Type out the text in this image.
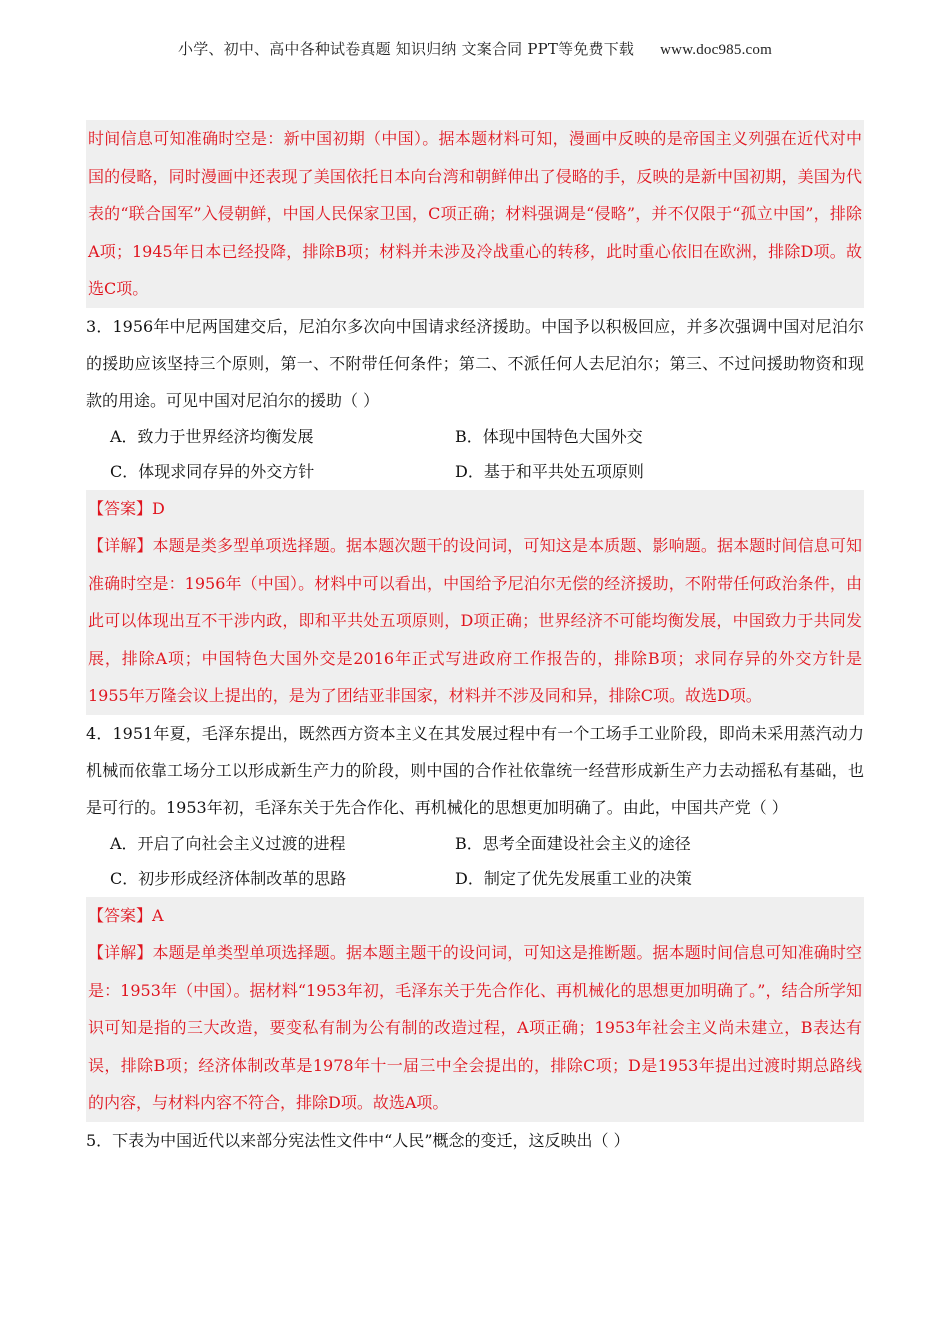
小学、初中、高中各种试卷真题 知识归纳 文案合同 PPT等免费下载 www.doc985.com

时间信息可知准确时空是：新中国初期（中国）。据本题材料可知，漫画中反映的是帝国主义列强在近代对中国的侵略，同时漫画中还表现了美国依托日本向台湾和朝鲜伸出了侵略的手，反映的是新中国初期，美国为代表的“联合国军”入侵朝鲜，中国人民保家卫国，C项正确；材料强调是“侵略”，并不仅限于“孤立中国”，排除A项；1945年日本已经投降，排除B项；材料并未涉及冷战重心的转移，此时重心依旧在欧洲，排除D项。故选C项。

3．1956年中尼两国建交后，尼泊尔多次向中国请求经济援助。中国予以积极回应，并多次强调中国对尼泊尔的援助应该坚持三个原则，第一、不附带任何条件；第二、不派任何人去尼泊尔；第三、不过问援助物资和现款的用途。可见中国对尼泊尔的援助（ ）

A．致力于世界经济均衡发展	B．体现中国特色大国外交
C．体现求同存异的外交方针	D．基于和平共处五项原则

【答案】D

【详解】本题是类多型单项选择题。据本题次题干的设问词，可知这是本质题、影响题。据本题时间信息可知准确时空是：1956年（中国）。材料中可以看出，中国给予尼泊尔无偿的经济援助，不附带任何政治条件，由此可以体现出互不干涉内政，即和平共处五项原则，D项正确；世界经济不可能均衡发展，中国致力于共同发展，排除A项；中国特色大国外交是2016年正式写进政府工作报告的，排除B项；求同存异的外交方针是1955年万隆会议上提出的，是为了团结亚非国家，材料并不涉及同和异，排除C项。故选D项。

4．1951年夏，毛泽东提出，既然西方资本主义在其发展过程中有一个工场手工业阶段，即尚未采用蒸汽动力机械而依靠工场分工以形成新生产力的阶段，则中国的合作社依靠统一经营形成新生产力去动摇私有基础，也是可行的。1953年初，毛泽东关于先合作化、再机械化的思想更加明确了。由此，中国共产党（ ）

A．开启了向社会主义过渡的进程	B．思考全面建设社会主义的途径
C．初步形成经济体制改革的思路	D．制定了优先发展重工业的决策

【答案】A

【详解】本题是单类型单项选择题。据本题主题干的设问词，可知这是推断题。据本题时间信息可知准确时空是：1953年（中国）。据材料“1953年初，毛泽东关于先合作化、再机械化的思想更加明确了。”，结合所学知识可知是指的三大改造，要变私有制为公有制的改造过程，A项正确；1953年社会主义尚未建立，B表达有误，排除B项；经济体制改革是1978年十一届三中全会提出的，排除C项；D是1953年提出过渡时期总路线的内容，与材料内容不符合，排除D项。故选A项。

5．下表为中国近代以来部分宪法性文件中“人民”概念的变迁，这反映出（ ）
